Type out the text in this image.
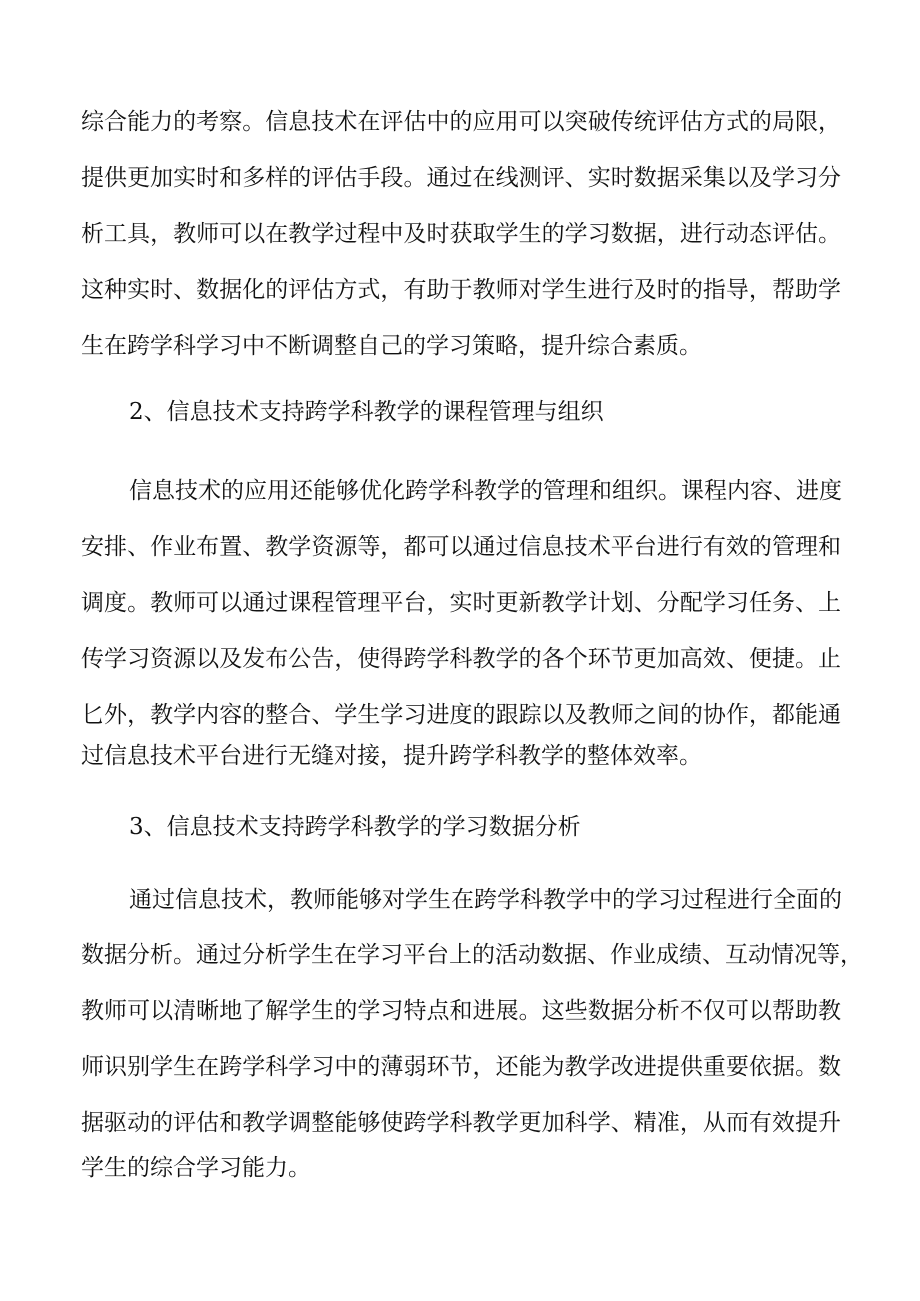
综合能力的考察。信息技术在评估中的应用可以突破传统评估方式的局限，
提供更加实时和多样的评估手段。通过在线测评、实时数据采集以及学习分
析工具，教师可以在教学过程中及时获取学生的学习数据，进行动态评估。
这种实时、数据化的评估方式，有助于教师对学生进行及时的指导，帮助学
生在跨学科学习中不断调整自己的学习策略，提升综合素质。
2、信息技术支持跨学科教学的课程管理与组织
信息技术的应用还能够优化跨学科教学的管理和组织。课程内容、进度
安排、作业布置、教学资源等，都可以通过信息技术平台进行有效的管理和
调度。教师可以通过课程管理平台，实时更新教学计划、分配学习任务、上
传学习资源以及发布公告，使得跨学科教学的各个环节更加高效、便捷。止
匕外，教学内容的整合、学生学习进度的跟踪以及教师之间的协作，都能通
过信息技术平台进行无缝对接，提升跨学科教学的整体效率。
3、信息技术支持跨学科教学的学习数据分析
通过信息技术，教师能够对学生在跨学科教学中的学习过程进行全面的
数据分析。通过分析学生在学习平台上的活动数据、作业成绩、互动情况等，
教师可以清晰地了解学生的学习特点和进展。这些数据分析不仅可以帮助教
师识别学生在跨学科学习中的薄弱环节，还能为教学改进提供重要依据。数
据驱动的评估和教学调整能够使跨学科教学更加科学、精准，从而有效提升
学生的综合学习能力。
